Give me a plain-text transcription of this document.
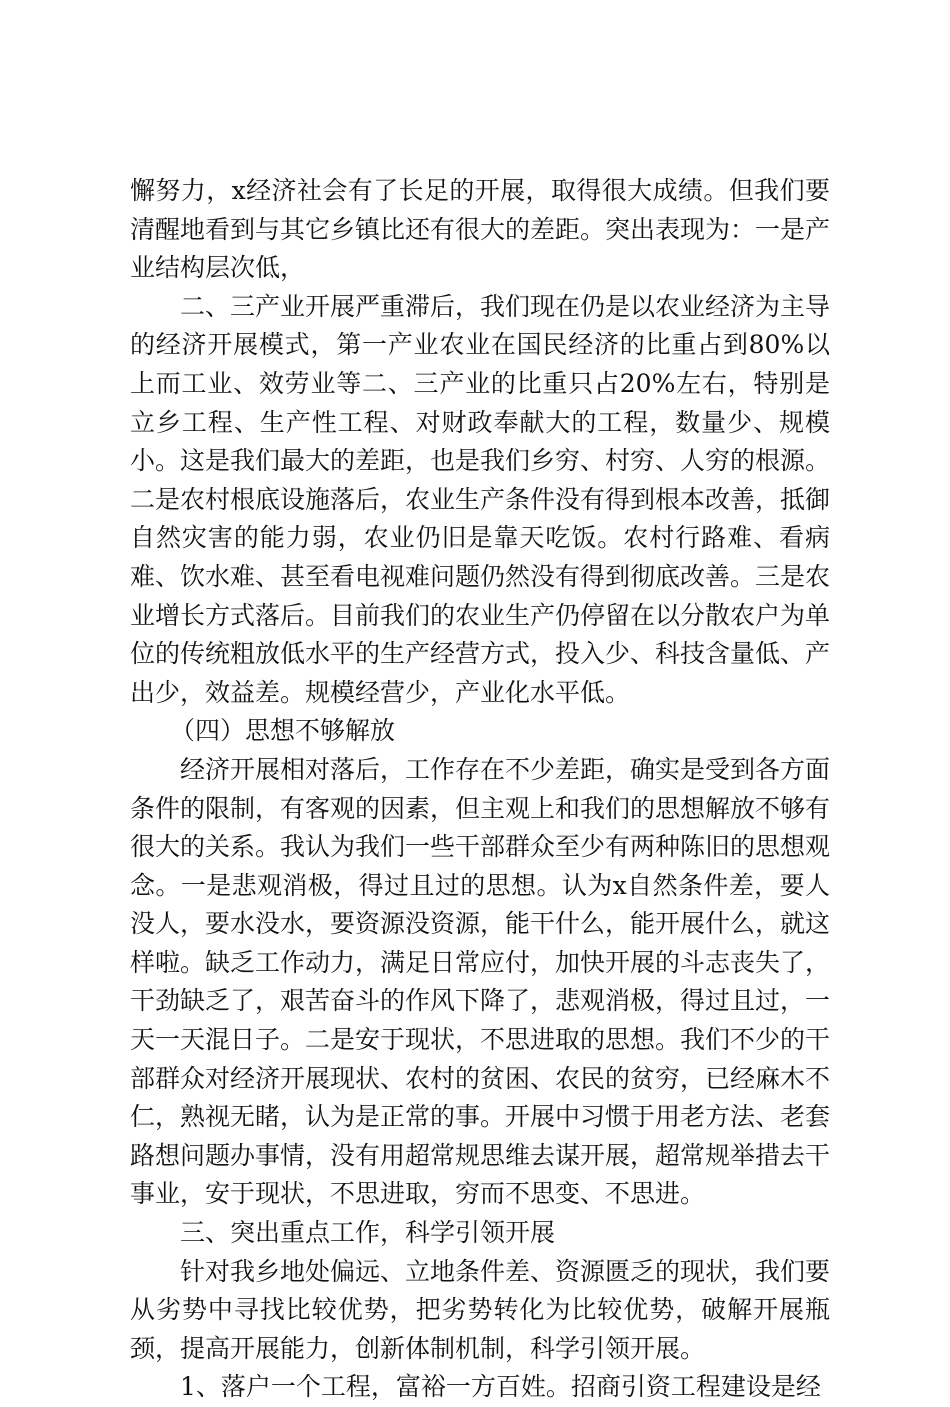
懈努力，x经济社会有了长足的开展，取得很大成绩。但我们要清醒地看到与其它乡镇比还有很大的差距。突出表现为：一是产业结构层次低，

二、三产业开展严重滞后，我们现在仍是以农业经济为主导的经济开展模式，第一产业农业在国民经济的比重占到80%以上而工业、效劳业等二、三产业的比重只占20%左右，特别是立乡工程、生产性工程、对财政奉献大的工程，数量少、规模小。这是我们最大的差距，也是我们乡穷、村穷、人穷的根源。二是农村根底设施落后，农业生产条件没有得到根本改善，抵御自然灾害的能力弱，农业仍旧是靠天吃饭。农村行路难、看病难、饮水难、甚至看电视难问题仍然没有得到彻底改善。三是农业增长方式落后。目前我们的农业生产仍停留在以分散农户为单位的传统粗放低水平的生产经营方式，投入少、科技含量低、产出少，效益差。规模经营少，产业化水平低。

（四）思想不够解放

经济开展相对落后，工作存在不少差距，确实是受到各方面条件的限制，有客观的因素，但主观上和我们的思想解放不够有很大的关系。我认为我们一些干部群众至少有两种陈旧的思想观念。一是悲观消极，得过且过的思想。认为x自然条件差，要人没人，要水没水，要资源没资源，能干什么，能开展什么，就这样啦。缺乏工作动力，满足日常应付，加快开展的斗志丧失了，干劲缺乏了，艰苦奋斗的作风下降了，悲观消极，得过且过，一天一天混日子。二是安于现状，不思进取的思想。我们不少的干部群众对经济开展现状、农村的贫困、农民的贫穷，已经麻木不仁，熟视无睹，认为是正常的事。开展中习惯于用老方法、老套路想问题办事情，没有用超常规思维去谋开展，超常规举措去干事业，安于现状，不思进取，穷而不思变、不思进。

三、突出重点工作，科学引领开展

针对我乡地处偏远、立地条件差、资源匮乏的现状，我们要从劣势中寻找比较优势，把劣势转化为比较优势，破解开展瓶颈，提高开展能力，创新体制机制，科学引领开展。

1、落户一个工程，富裕一方百姓。招商引资工程建设是经
